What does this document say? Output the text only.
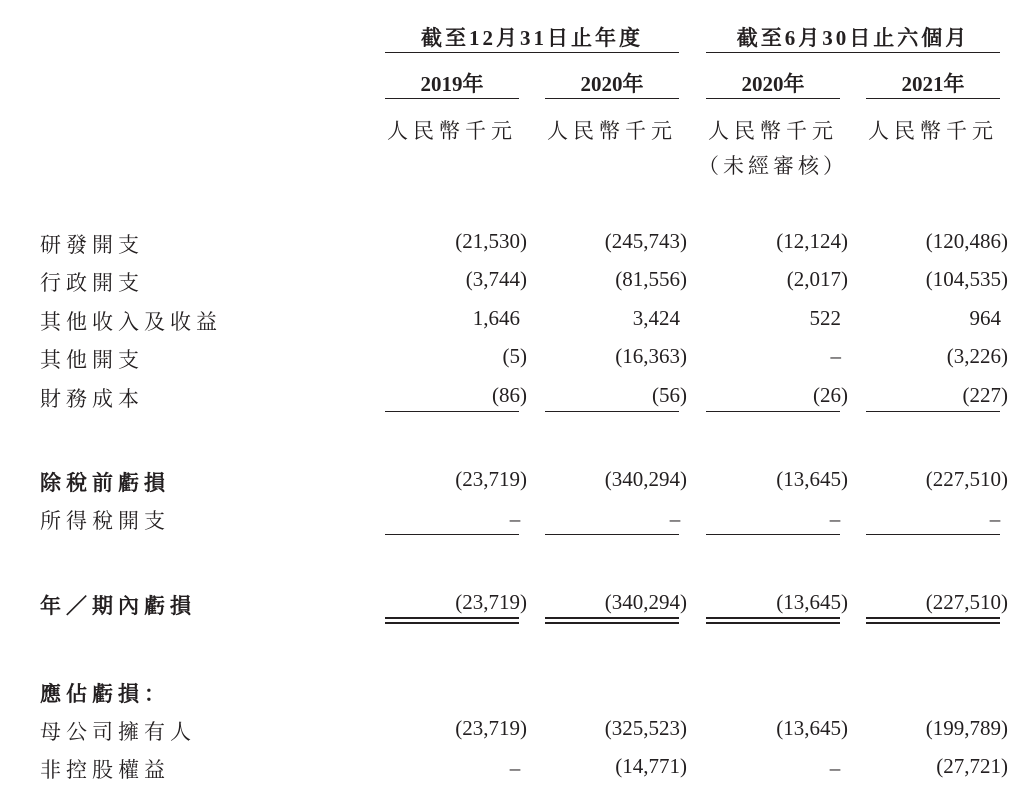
截至12月31日止年度	截至6月30日止六個月
2019年	2020年	2020年	2021年
人民幣千元 人民幣千元 人民幣千元 人民幣千元
（未經審核）
研發開支	(21,530)	(245,743)	(12,124)	(120,486)
行政開支	(3,744)	(81,556)	(2,017)	(104,535)
其他收入及收益	1,646	3,424	522	964
其他開支	(5)	(16,363)	–	(3,226)
財務成本	(86)	(56)	(26)	(227)
除稅前虧損	(23,719)	(340,294)	(13,645)	(227,510)
所得稅開支	–	–	–	–
年／期內虧損	(23,719)	(340,294)	(13,645)	(227,510)
應佔虧損：
母公司擁有人	(23,719)	(325,523)	(13,645)	(199,789)
非控股權益	–	(14,771)	–	(27,721)
